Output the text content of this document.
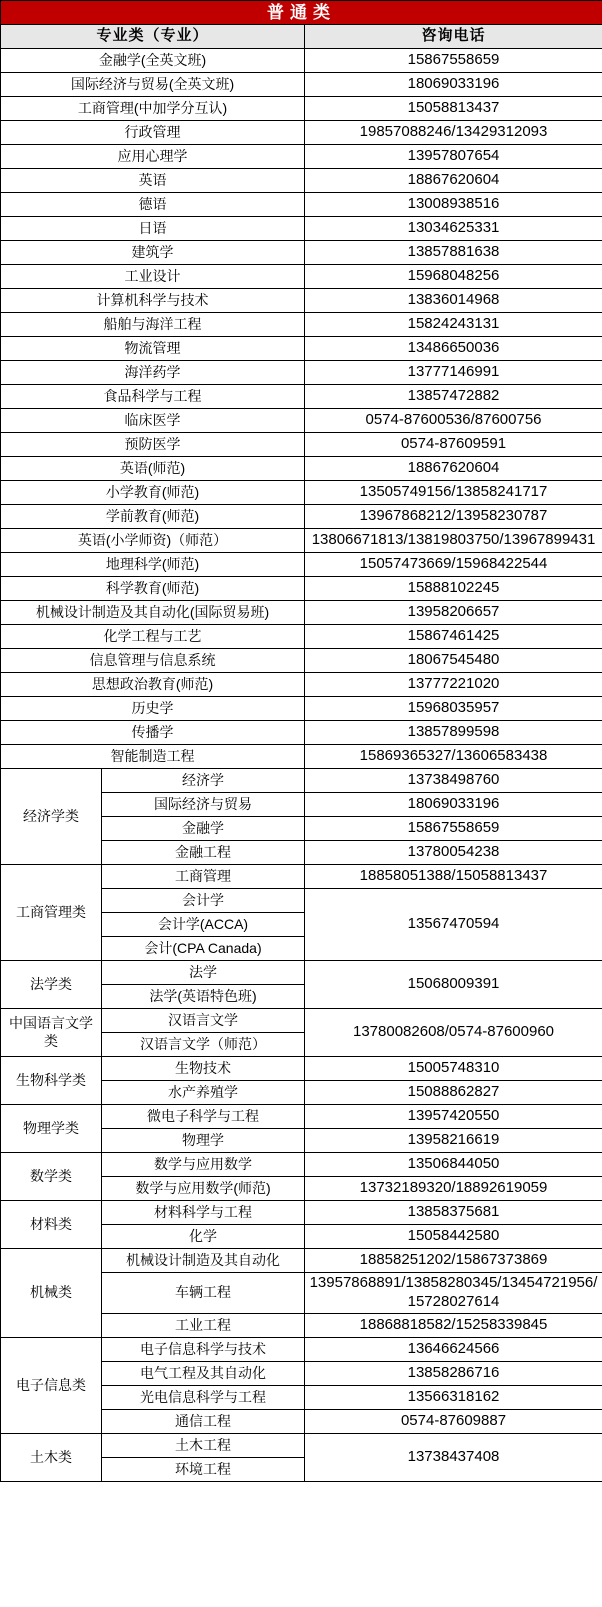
普通类		
专业类（专业）		咨询电话
金融学(全英文班)		15867558659
国际经济与贸易(全英文班)		18069033196
工商管理(中加学分互认)		15058813437
行政管理		19857088246/13429312093
应用心理学		13957807654
英语		18867620604
德语		13008938516
日语		13034625331
建筑学		13857881638
工业设计		15968048256
计算机科学与技术		13836014968
船舶与海洋工程		15824243131
物流管理		13486650036
海洋药学		13777146991
食品科学与工程		13857472882
临床医学		0574-87600536/87600756
预防医学		0574-87609591
英语(师范)		18867620604
小学教育(师范)		13505749156/13858241717
学前教育(师范)		13967868212/13958230787
英语(小学师资)（师范）		13806671813/13819803750/13967899431
地理科学(师范)		15057473669/15968422544
科学教育(师范)		15888102245
机械设计制造及其自动化(国际贸易班)		13958206657
化学工程与工艺		15867461425
信息管理与信息系统		18067545480
思想政治教育(师范)		13777221020
历史学		15968035957
传播学		13857899598
智能制造工程		15869365327/13606583438
经济学类	经济学	13738498760
	国际经济与贸易	18069033196
	金融学	15867558659
	金融工程	13780054238
工商管理类	工商管理	18858051388/15058813437
	会计学	13567470594
	会计学(ACCA)	
	会计(CPA Canada)	
法学类	法学	15068009391
	法学(英语特色班)	
中国语言文学类	汉语言文学	13780082608/0574-87600960
	汉语言文学（师范）	
生物科学类	生物技术	15005748310
	水产养殖学	15088862827
物理学类	微电子科学与工程	13957420550
	物理学	13958216619
数学类	数学与应用数学	13506844050
	数学与应用数学(师范)	13732189320/18892619059
材料类	材料科学与工程	13858375681
	化学	15058442580
机械类	机械设计制造及其自动化	18858251202/15867373869
	车辆工程	13957868891/13858280345/13454721956/15728027614
	工业工程	18868818582/15258339845
电子信息类	电子信息科学与技术	13646624566
	电气工程及其自动化	13858286716
	光电信息科学与工程	13566318162
	通信工程	0574-87609887
土木类	土木工程	13738437408
	环境工程	
